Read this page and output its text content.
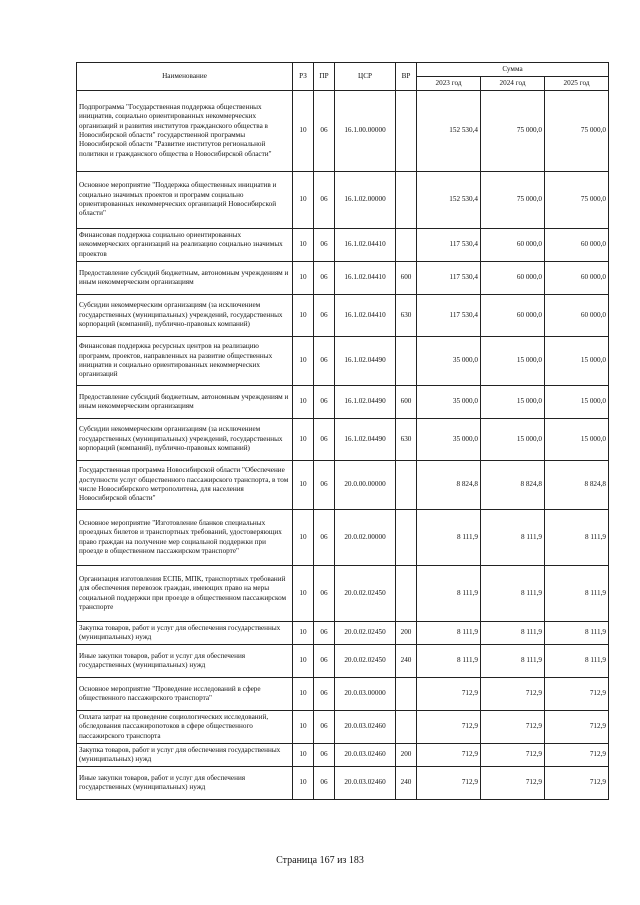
Наименование	РЗ	ПР	ЦСР	ВР	Сумма		
					2023 год	2024 год	2025 год
Подпрограмма "Государственная поддержка общественных инициатив, социально ориентированных некоммерческих организаций и развития институтов гражданского общества в Новосибирской области" государственной программы Новосибирской области "Развитие институтов региональной политики и гражданского общества в Новосибирской области"	10	06	16.1.00.00000		152 530,4	75 000,0	75 000,0
Основное мероприятие "Поддержка общественных инициатив и социально значимых проектов и программ социально ориентированных некоммерческих организаций Новосибирской области"	10	06	16.1.02.00000		152 530,4	75 000,0	75 000,0
Финансовая поддержка социально ориентированных некоммерческих организаций на реализацию социально значимых проектов	10	06	16.1.02.04410		117 530,4	60 000,0	60 000,0
Предоставление субсидий бюджетным, автономным учреждениям и иным некоммерческим организациям	10	06	16.1.02.04410	600	117 530,4	60 000,0	60 000,0
Субсидии некоммерческим организациям (за исключением государственных (муниципальных) учреждений, государственных корпораций (компаний), публично-правовых компаний)	10	06	16.1.02.04410	630	117 530,4	60 000,0	60 000,0
Финансовая поддержка ресурсных центров на реализацию программ, проектов, направленных на развитие общественных инициатив и социально ориентированных некоммерческих организаций	10	06	16.1.02.04490		35 000,0	15 000,0	15 000,0
Предоставление субсидий бюджетным, автономным учреждениям и иным некоммерческим организациям	10	06	16.1.02.04490	600	35 000,0	15 000,0	15 000,0
Субсидии некоммерческим организациям (за исключением государственных (муниципальных) учреждений, государственных корпораций (компаний), публично-правовых компаний)	10	06	16.1.02.04490	630	35 000,0	15 000,0	15 000,0
Государственная программа Новосибирской области "Обеспечение доступности услуг общественного пассажирского транспорта, в том числе Новосибирского метрополитена, для населения Новосибирской области"	10	06	20.0.00.00000		8 824,8	8 824,8	8 824,8
Основное мероприятие "Изготовление бланков специальных проездных билетов и транспортных требований, удостоверяющих право граждан на получение мер социальной поддержки при проезде в общественном пассажирском транспорте"	10	06	20.0.02.00000		8 111,9	8 111,9	8 111,9
Организация изготовления ЕСПБ, МПК, транспортных требований для обеспечения перевозок граждан, имеющих право на меры социальной поддержки при проезде в общественном пассажирском транспорте	10	06	20.0.02.02450		8 111,9	8 111,9	8 111,9
Закупка товаров, работ и услуг для обеспечения государственных (муниципальных) нужд	10	06	20.0.02.02450	200	8 111,9	8 111,9	8 111,9
Иные закупки товаров, работ и услуг для обеспечения государственных (муниципальных) нужд	10	06	20.0.02.02450	240	8 111,9	8 111,9	8 111,9
Основное мероприятие "Проведение исследований в сфере общественного пассажирского транспорта"	10	06	20.0.03.00000		712,9	712,9	712,9
Оплата затрат на проведение социологических исследований, обследования пассажиропотоков в сфере общественного пассажирского транспорта	10	06	20.0.03.02460		712,9	712,9	712,9
Закупка товаров, работ и услуг для обеспечения государственных (муниципальных) нужд	10	06	20.0.03.02460	200	712,9	712,9	712,9
Иные закупки товаров, работ и услуг для обеспечения государственных (муниципальных) нужд	10	06	20.0.03.02460	240	712,9	712,9	712,9
Страница 167 из 183
